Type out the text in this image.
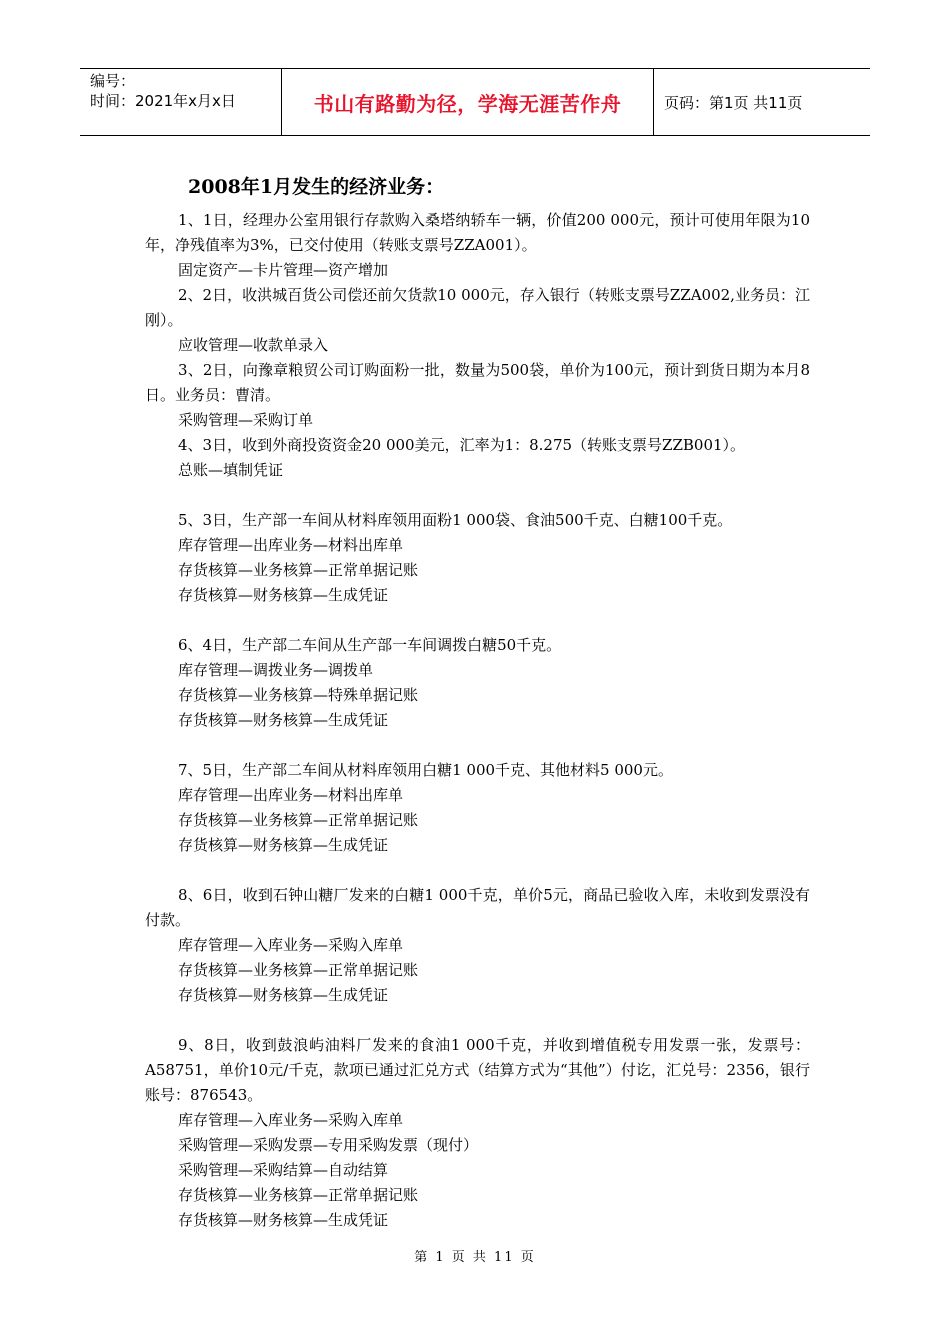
编号：
时间：2021年x月x日	书山有路勤为径，学海无涯苦作舟	页码：第1页 共11页
2008年1月发生的经济业务：

1、1日，经理办公室用银行存款购入桑塔纳轿车一辆，价值200 000元，预计可使用年限为10年，净残值率为3%，已交付使用（转账支票号ZZA001）。

固定资产—卡片管理—资产增加

2、2日，收洪城百货公司偿还前欠货款10 000元，存入银行（转账支票号ZZA002,业务员：江刚）。

应收管理—收款单录入

3、2日，向豫章粮贸公司订购面粉一批，数量为500袋，单价为100元，预计到货日期为本月8日。业务员：曹清。

采购管理—采购订单

4、3日，收到外商投资资金20 000美元，汇率为1：8.275（转账支票号ZZB001）。

总账—填制凭证

5、3日，生产部一车间从材料库领用面粉1 000袋、食油500千克、白糖100千克。

库存管理—出库业务—材料出库单

存货核算—业务核算—正常单据记账

存货核算—财务核算—生成凭证

6、4日，生产部二车间从生产部一车间调拨白糖50千克。

库存管理—调拨业务—调拨单

存货核算—业务核算—特殊单据记账

存货核算—财务核算—生成凭证

7、5日，生产部二车间从材料库领用白糖1 000千克、其他材料5 000元。

库存管理—出库业务—材料出库单

存货核算—业务核算—正常单据记账

存货核算—财务核算—生成凭证

8、6日，收到石钟山糖厂发来的白糖1 000千克，单价5元，商品已验收入库，未收到发票没有付款。

库存管理—入库业务—采购入库单

存货核算—业务核算—正常单据记账

存货核算—财务核算—生成凭证

9、8日，收到鼓浪屿油料厂发来的食油1 000千克，并收到增值税专用发票一张，发票号：A58751，单价10元/千克，款项已通过汇兑方式（结算方式为“其他”）付讫，汇兑号：2356，银行账号：876543。

库存管理—入库业务—采购入库单

采购管理—采购发票—专用采购发票（现付）

采购管理—采购结算—自动结算

存货核算—业务核算—正常单据记账

存货核算—财务核算—生成凭证

第 1 页 共 11 页
